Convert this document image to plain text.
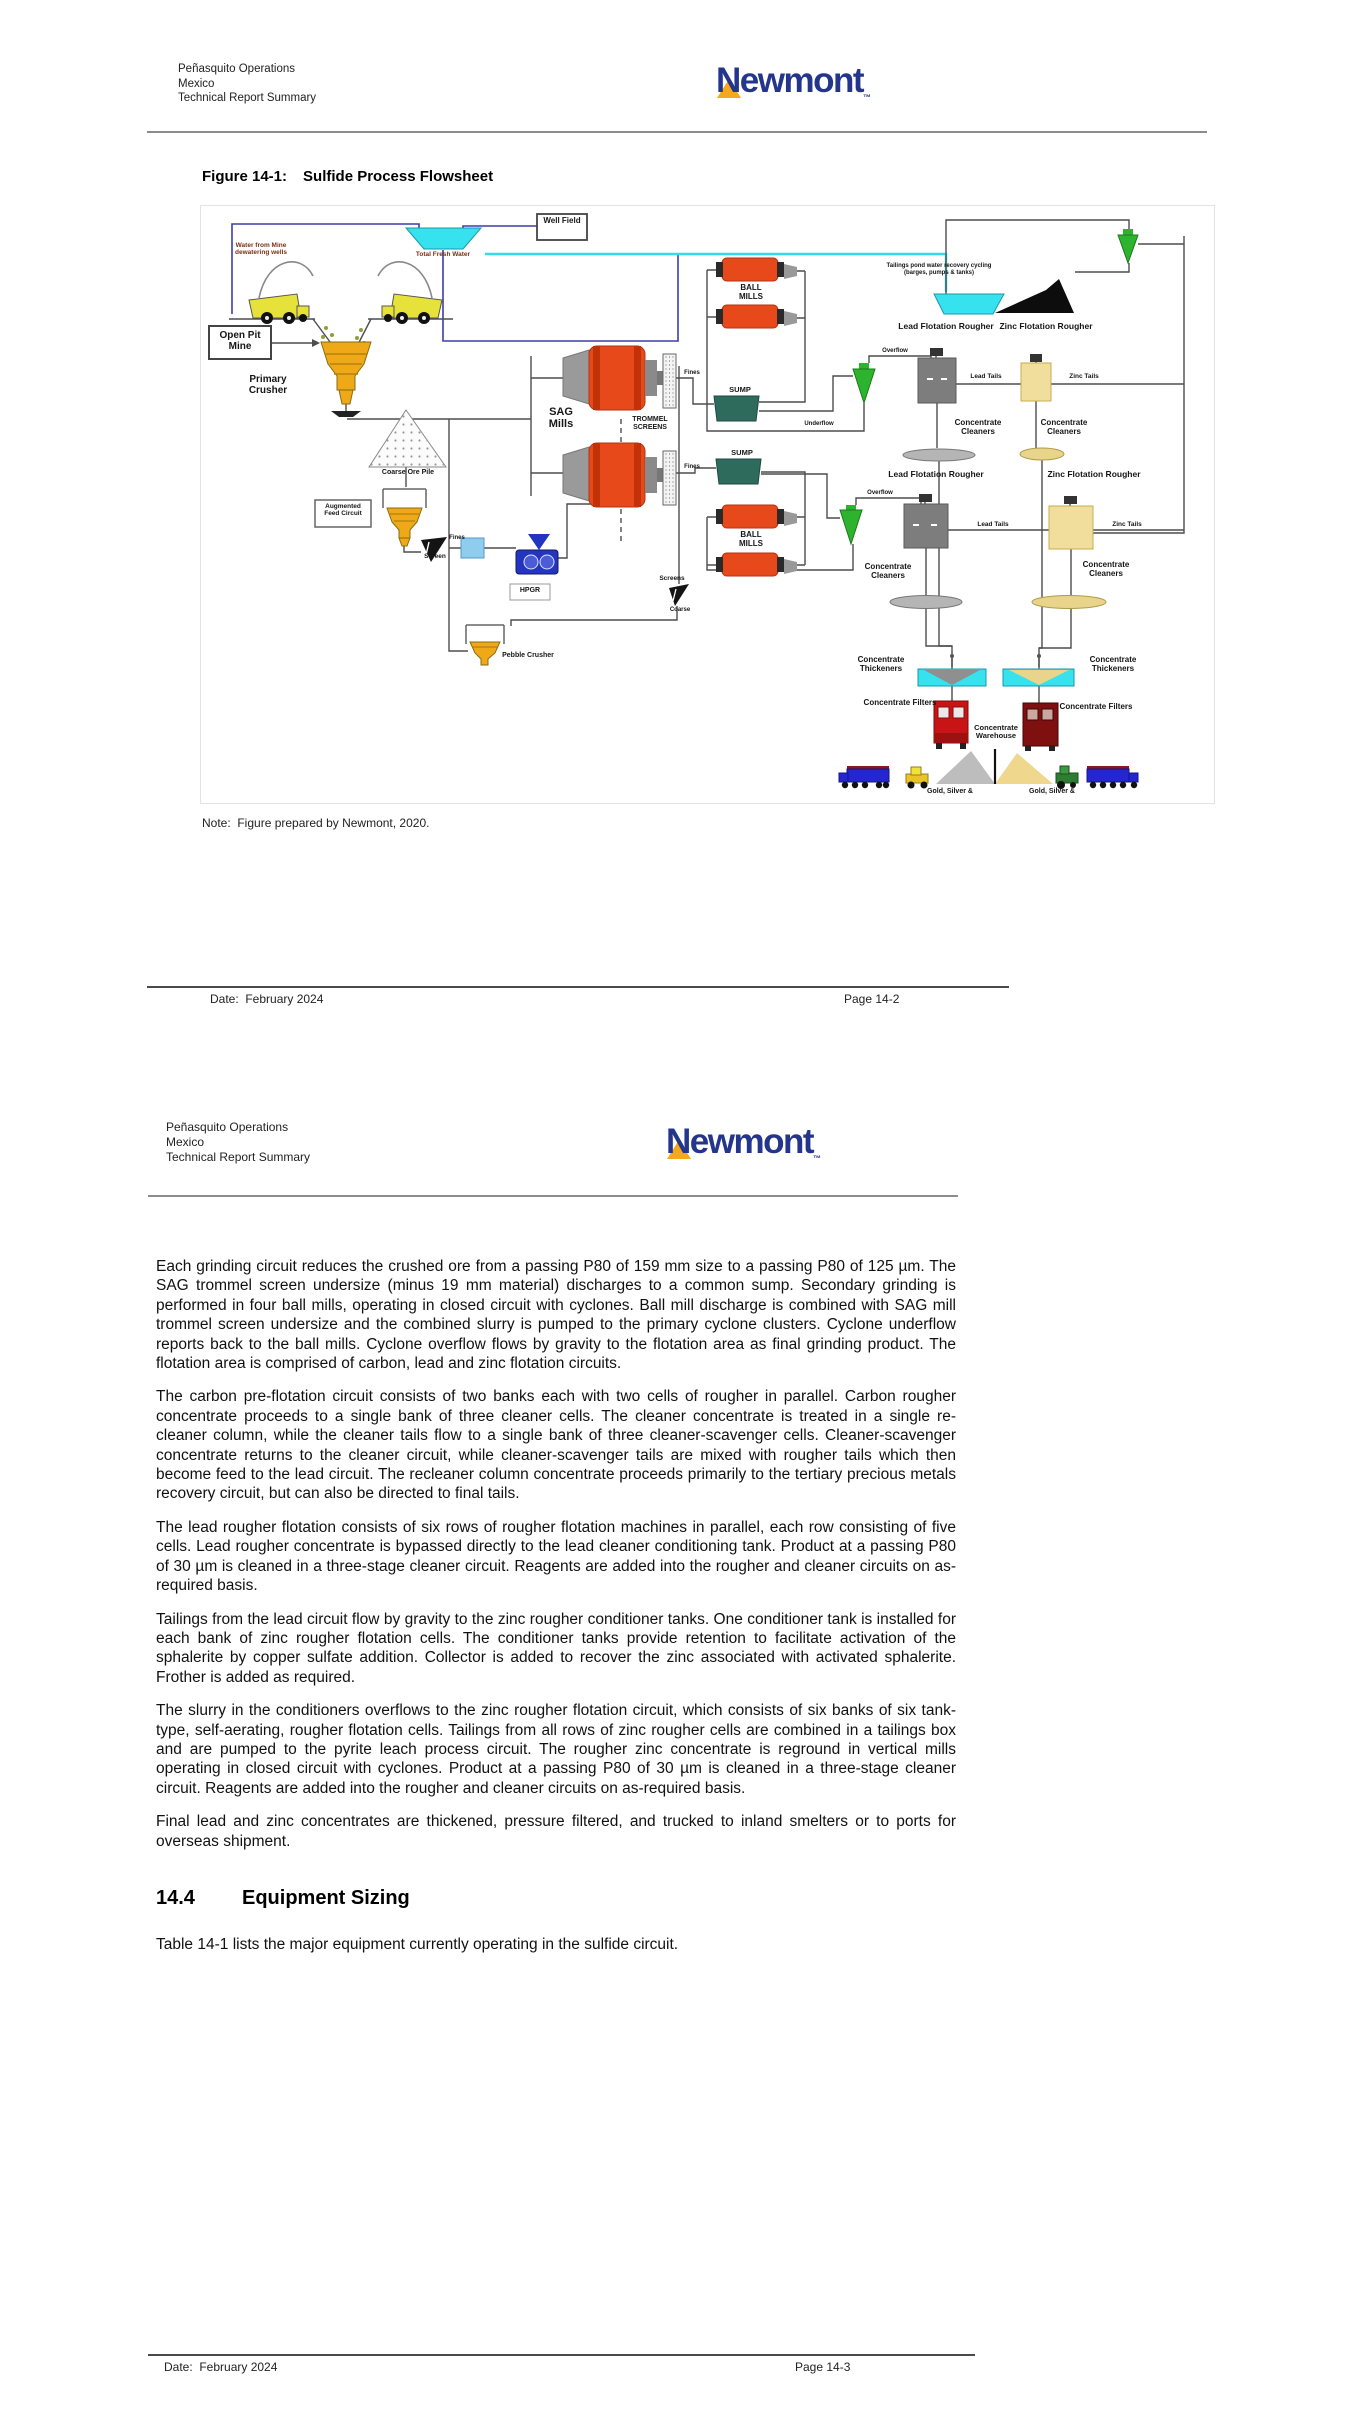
Peñasquito Operations
Mexico
Technical Report Summary	Newmont$_™$
Figure 14-1: Sulfide Process Flowsheet
Well Field
Water from Mine dewatering wells	Total Fresh Water
Open Pit Mine
Primary Crusher
Coarse Ore Pile
Augmented Feed Circuit
Screen
Fines
HPGR
Pebble Crusher
SAG Mills	TROMMEL SCREENS
BALL MILLS
BALL MILLS
SUMP
SUMP
Fines
Fines
Overflow
Underflow
Overflow
Screens
Coarse
Tailings pond water recovery cycling (barges, pumps & tanks)
Lead Flotation Rougher Zinc Flotation Rougher
Lead Tails	Zinc Tails
Concentrate Cleaners
Concentrate Cleaners
Lead Flotation Rougher	Zinc Flotation Rougher
Lead Tails	Zinc Tails
Concentrate Cleaners
Concentrate Cleaners
Concentrate Thickeners
Concentrate Thickeners
Concentrate Filters	Concentrate Filters
Concentrate Warehouse
Gold, Silver &	Gold, Silver &
Note:  Figure prepared by Newmont, 2020.
Date:  February 2024	Page 14-2
Peñasquito Operations
Mexico
Technical Report Summary	Newmont$_™$

Each grinding circuit reduces the crushed ore from a passing P80 of 159 mm size to a passing P80 of 125 µm. The SAG trommel screen undersize (minus 19 mm material) discharges to a common sump. Secondary grinding is performed in four ball mills, operating in closed circuit with cyclones. Ball mill discharge is combined with SAG mill trommel screen undersize and the combined slurry is pumped to the primary cyclone clusters. Cyclone underflow reports back to the ball mills. Cyclone overflow flows by gravity to the flotation area as final grinding product. The flotation area is comprised of carbon, lead and zinc flotation circuits.

The carbon pre-flotation circuit consists of two banks each with two cells of rougher in parallel. Carbon rougher concentrate proceeds to a single bank of three cleaner cells. The cleaner concentrate is treated in a single re-cleaner column, while the cleaner tails flow to a single bank of three cleaner-scavenger cells. Cleaner-scavenger concentrate returns to the cleaner circuit, while cleaner-scavenger tails are mixed with rougher tails which then become feed to the lead circuit. The recleaner column concentrate proceeds primarily to the tertiary precious metals recovery circuit, but can also be directed to final tails.

The lead rougher flotation consists of six rows of rougher flotation machines in parallel, each row consisting of five cells. Lead rougher concentrate is bypassed directly to the lead cleaner conditioning tank. Product at a passing P80 of 30 µm is cleaned in a three-stage cleaner circuit. Reagents are added into the rougher and cleaner circuits on as-required basis.

Tailings from the lead circuit flow by gravity to the zinc rougher conditioner tanks. One conditioner tank is installed for each bank of zinc rougher flotation cells. The conditioner tanks provide retention to facilitate activation of the sphalerite by copper sulfate addition. Collector is added to recover the zinc associated with activated sphalerite. Frother is added as required.

The slurry in the conditioners overflows to the zinc rougher flotation circuit, which consists of six banks of six tank-type, self-aerating, rougher flotation cells. Tailings from all rows of zinc rougher cells are combined in a tailings box and are pumped to the pyrite leach process circuit. The rougher zinc concentrate is reground in vertical mills operating in closed circuit with cyclones. Product at a passing P80 of 30 µm is cleaned in a three-stage cleaner circuit. Reagents are added into the rougher and cleaner circuits on as-required basis.

Final lead and zinc concentrates are thickened, pressure filtered, and trucked to inland smelters or to ports for overseas shipment.

14.4 Equipment Sizing

Table 14-1 lists the major equipment currently operating in the sulfide circuit.

Date:  February 2024	Page 14-3
